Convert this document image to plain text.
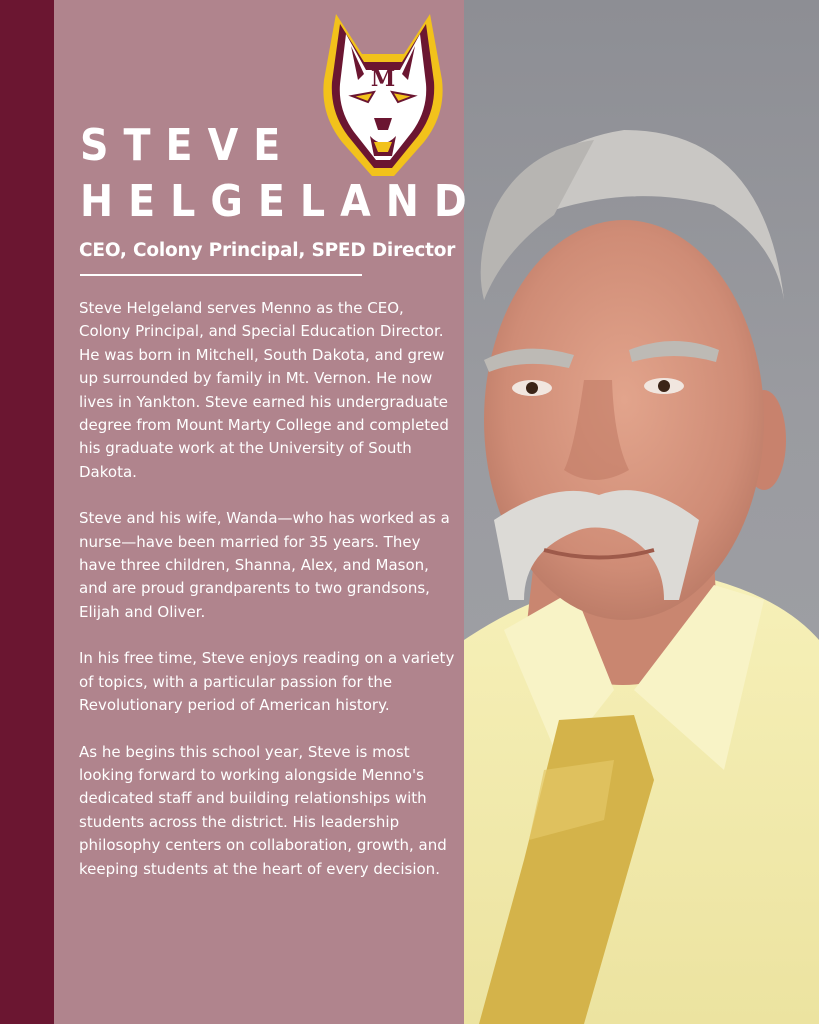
M
STEVE
HELGELAND
CEO, Colony Principal, SPED Director

Steve Helgeland serves Menno as the CEO, Colony Principal, and Special Education Director. He was born in Mitchell, South Dakota, and grew up surrounded by family in Mt. Vernon. He now lives in Yankton. Steve earned his undergraduate degree from Mount Marty College and completed his graduate work at the University of South Dakota.

Steve and his wife, Wanda—who has worked as a nurse—have been married for 35 years. They have three children, Shanna, Alex, and Mason, and are proud grandparents to two grandsons, Elijah and Oliver.

In his free time, Steve enjoys reading on a variety of topics, with a particular passion for the Revolutionary period of American history.

As he begins this school year, Steve is most looking forward to working alongside Menno's dedicated staff and building relationships with students across the district. His leadership philosophy centers on collaboration, growth, and keeping students at the heart of every decision.
